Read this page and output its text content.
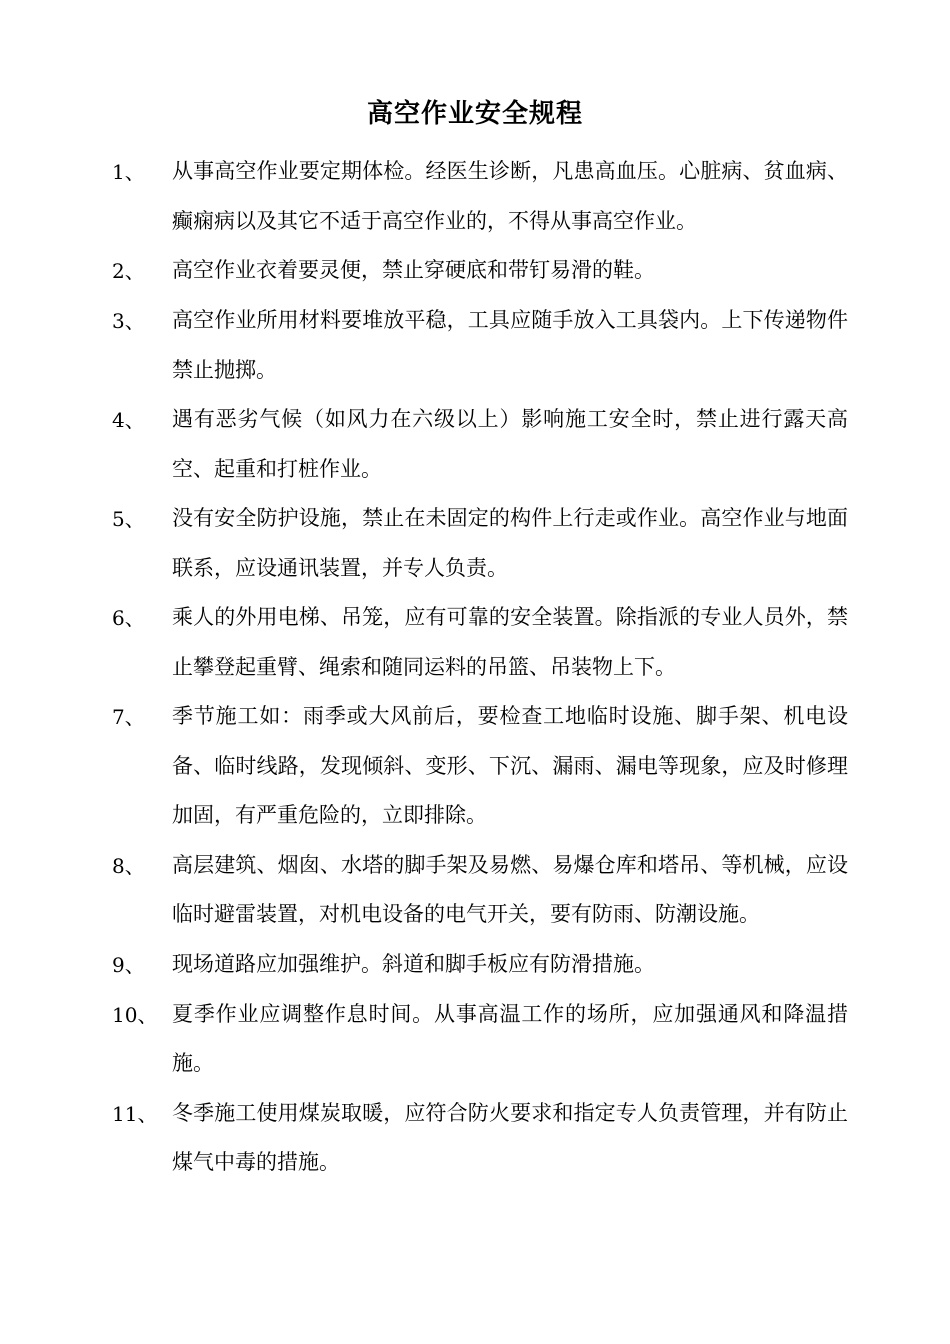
高空作业安全规程
1、	从事高空作业要定期体检。经医生诊断，凡患高血压。心脏病、贫血病、癫痫病以及其它不适于高空作业的，不得从事高空作业。
2、	高空作业衣着要灵便，禁止穿硬底和带钉易滑的鞋。
3、	高空作业所用材料要堆放平稳，工具应随手放入工具袋内。上下传递物件禁止抛掷。
4、	遇有恶劣气候（如风力在六级以上）影响施工安全时，禁止进行露天高空、起重和打桩作业。
5、	没有安全防护设施，禁止在未固定的构件上行走或作业。高空作业与地面联系，应设通讯装置，并专人负责。
6、	乘人的外用电梯、吊笼，应有可靠的安全装置。除指派的专业人员外，禁止攀登起重臂、绳索和随同运料的吊篮、吊装物上下。
7、	季节施工如：雨季或大风前后，要检查工地临时设施、脚手架、机电设备、临时线路，发现倾斜、变形、下沉、漏雨、漏电等现象，应及时修理加固，有严重危险的，立即排除。
8、	高层建筑、烟囱、水塔的脚手架及易燃、易爆仓库和塔吊、等机械，应设临时避雷装置，对机电设备的电气开关，要有防雨、防潮设施。
9、	现场道路应加强维护。斜道和脚手板应有防滑措施。
10、 夏季作业应调整作息时间。从事高温工作的场所，应加强通风和降温措施。
11、 冬季施工使用煤炭取暖，应符合防火要求和指定专人负责管理，并有防止煤气中毒的措施。
